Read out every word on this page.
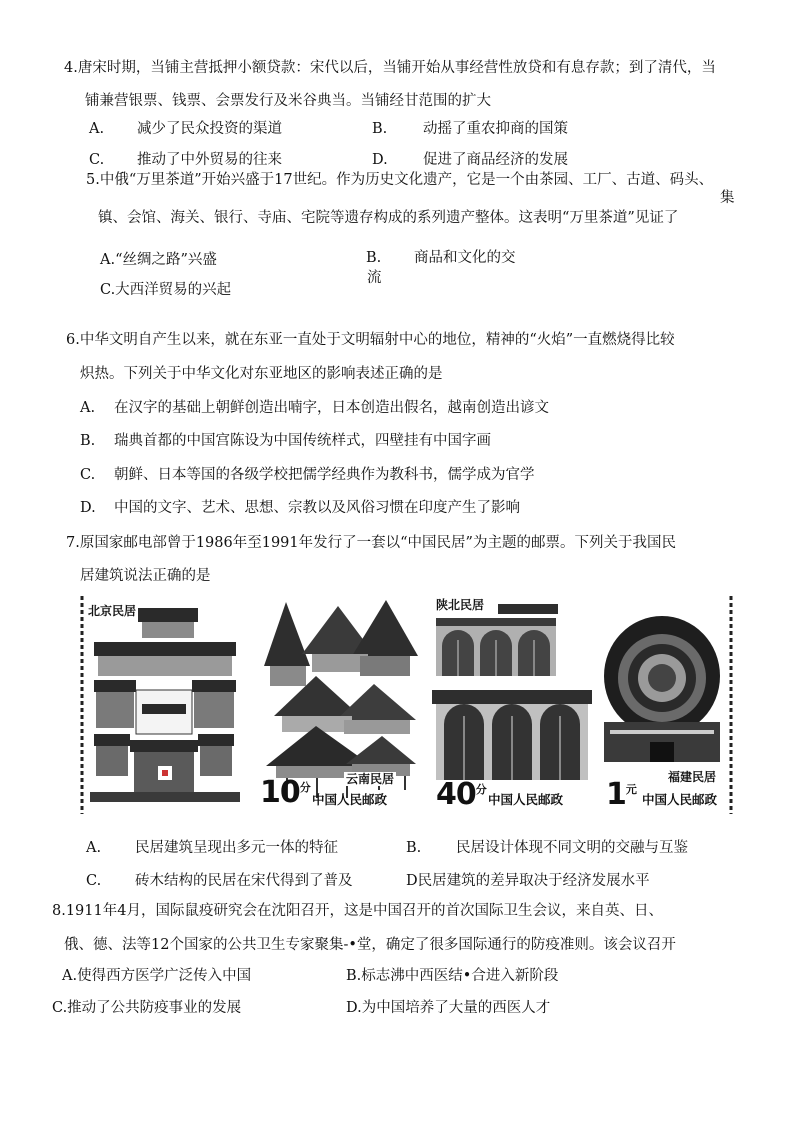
4.唐宋时期，当铺主营抵押小额贷款：宋代以后，当铺开始从事经营性放贷和有息存款；到了清代，当
铺兼营银票、钱票、会票发行及米谷典当。当铺经甘范围的扩大
A. 减少了民众投资的渠道	B. 动摇了重农抑商的国策
C. 推动了中外贸易的往来	D. 促进了商品经济的发展
5.中俄“万里茶道”开始兴盛于17世纪。作为历史文化遗产，它是一个由茶园、工厂、古道、码头、
集
镇、会馆、海关、银行、寺庙、宅院等遗存构成的系列遗产整体。这表明“万里茶道”见证了
A.“丝绸之路”兴盛	B. 商品和文化的交
流
C.大西洋贸易的兴起
6.中华文明自产生以来，就在东亚一直处于文明辐射中心的地位，精神的“火焰”一直燃烧得比较
炽热。下列关于中华文化对东亚地区的影响表述正确的是
A. 在汉字的基础上朝鲜创造出喃字，日本创造出假名，越南创造出谚文
B. 瑞典首都的中国宫陈设为中国传统样式，四壁挂有中国字画
C. 朝鲜、日本等国的各级学校把儒学经典作为教科书，儒学成为官学
D. 中国的文字、艺术、思想、宗教以及风俗习惯在印度产生了影响
7.原国家邮电部曾于1986年至1991年发行了一套以“中国民居”为主题的邮票。下列关于我国民
居建筑说法正确的是
北京民居
$10^分$
云南民居
中国人民邮政
陕北民居
$40^分$
中国人民邮政
福建民居
$1^元$
中国人民邮政
A. 民居建筑呈现出多元一体的特征	B. 民居设计体现不同文明的交融与互鉴
C. 砖木结构的民居在宋代得到了普及	D民居建筑的差异取决于经济发展水平
8.1911年4月，国际鼠疫研究会在沈阳召开，这是中国召开的首次国际卫生会议，来自英、日、
俄、德、法等12个国家的公共卫生专家聚集-•堂，确定了很多国际通行的防疫准则。该会议召开
A.使得西方医学广泛传入中国	B.标志沸中西医结•合进入新阶段
C.推动了公共防疫事业的发展	D.为中国培养了大量的西医人才
